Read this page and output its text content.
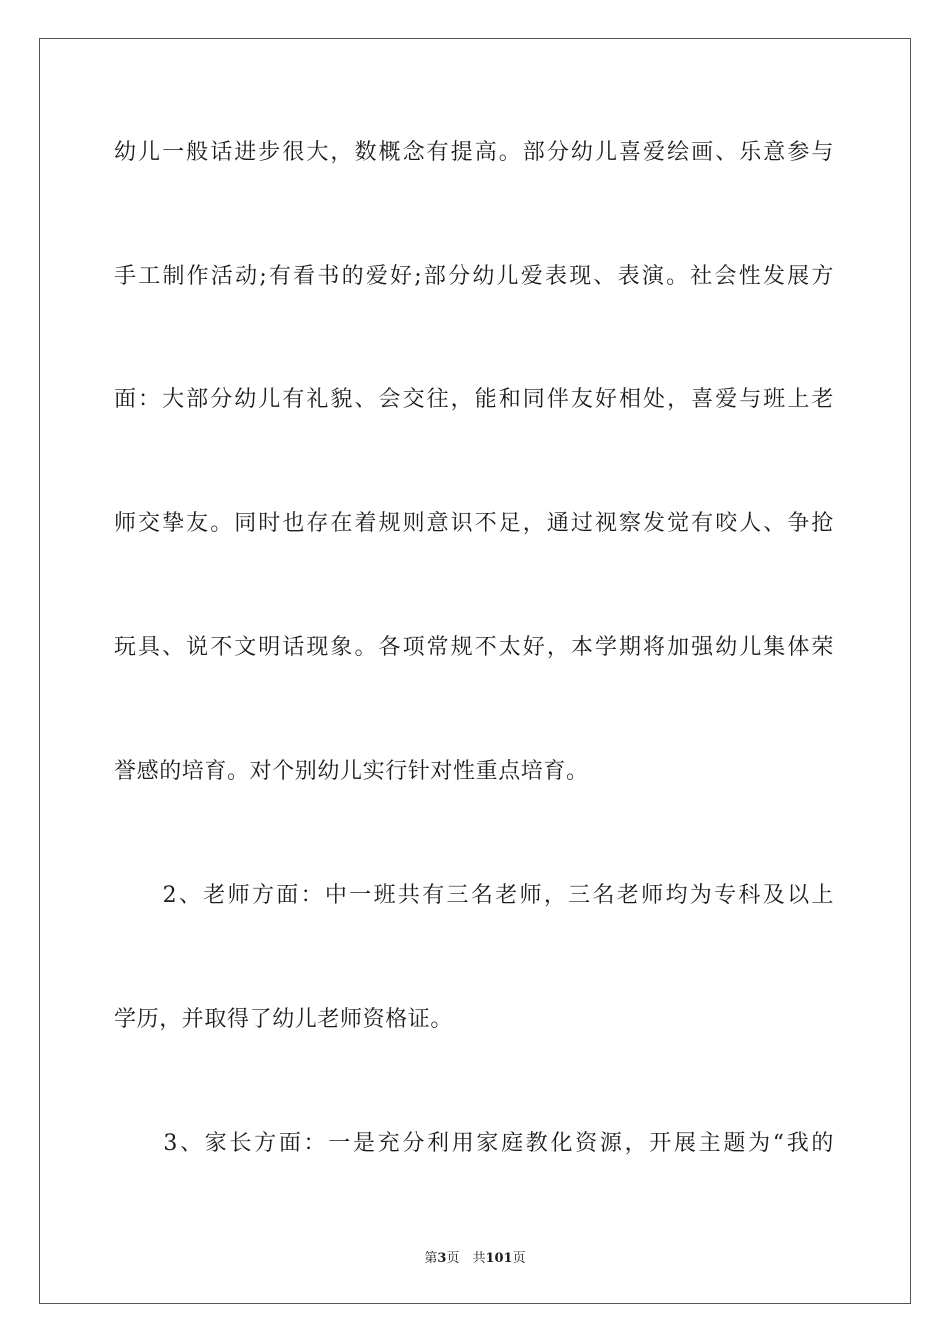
幼儿一般话进步很大，数概念有提高。部分幼儿喜爱绘画、乐意参与
手工制作活动;有看书的爱好;部分幼儿爱表现、表演。社会性发展方
面：大部分幼儿有礼貌、会交往，能和同伴友好相处，喜爱与班上老
师交挚友。同时也存在着规则意识不足，通过视察发觉有咬人、争抢
玩具、说不文明话现象。各项常规不太好，本学期将加强幼儿集体荣
誉感的培育。对个别幼儿实行针对性重点培育。
　　2、老师方面：中一班共有三名老师，三名老师均为专科及以上
学历，并取得了幼儿老师资格证。
　　3、家长方面：一是充分利用家庭教化资源，开展主题为“我的
第3页　共101页
